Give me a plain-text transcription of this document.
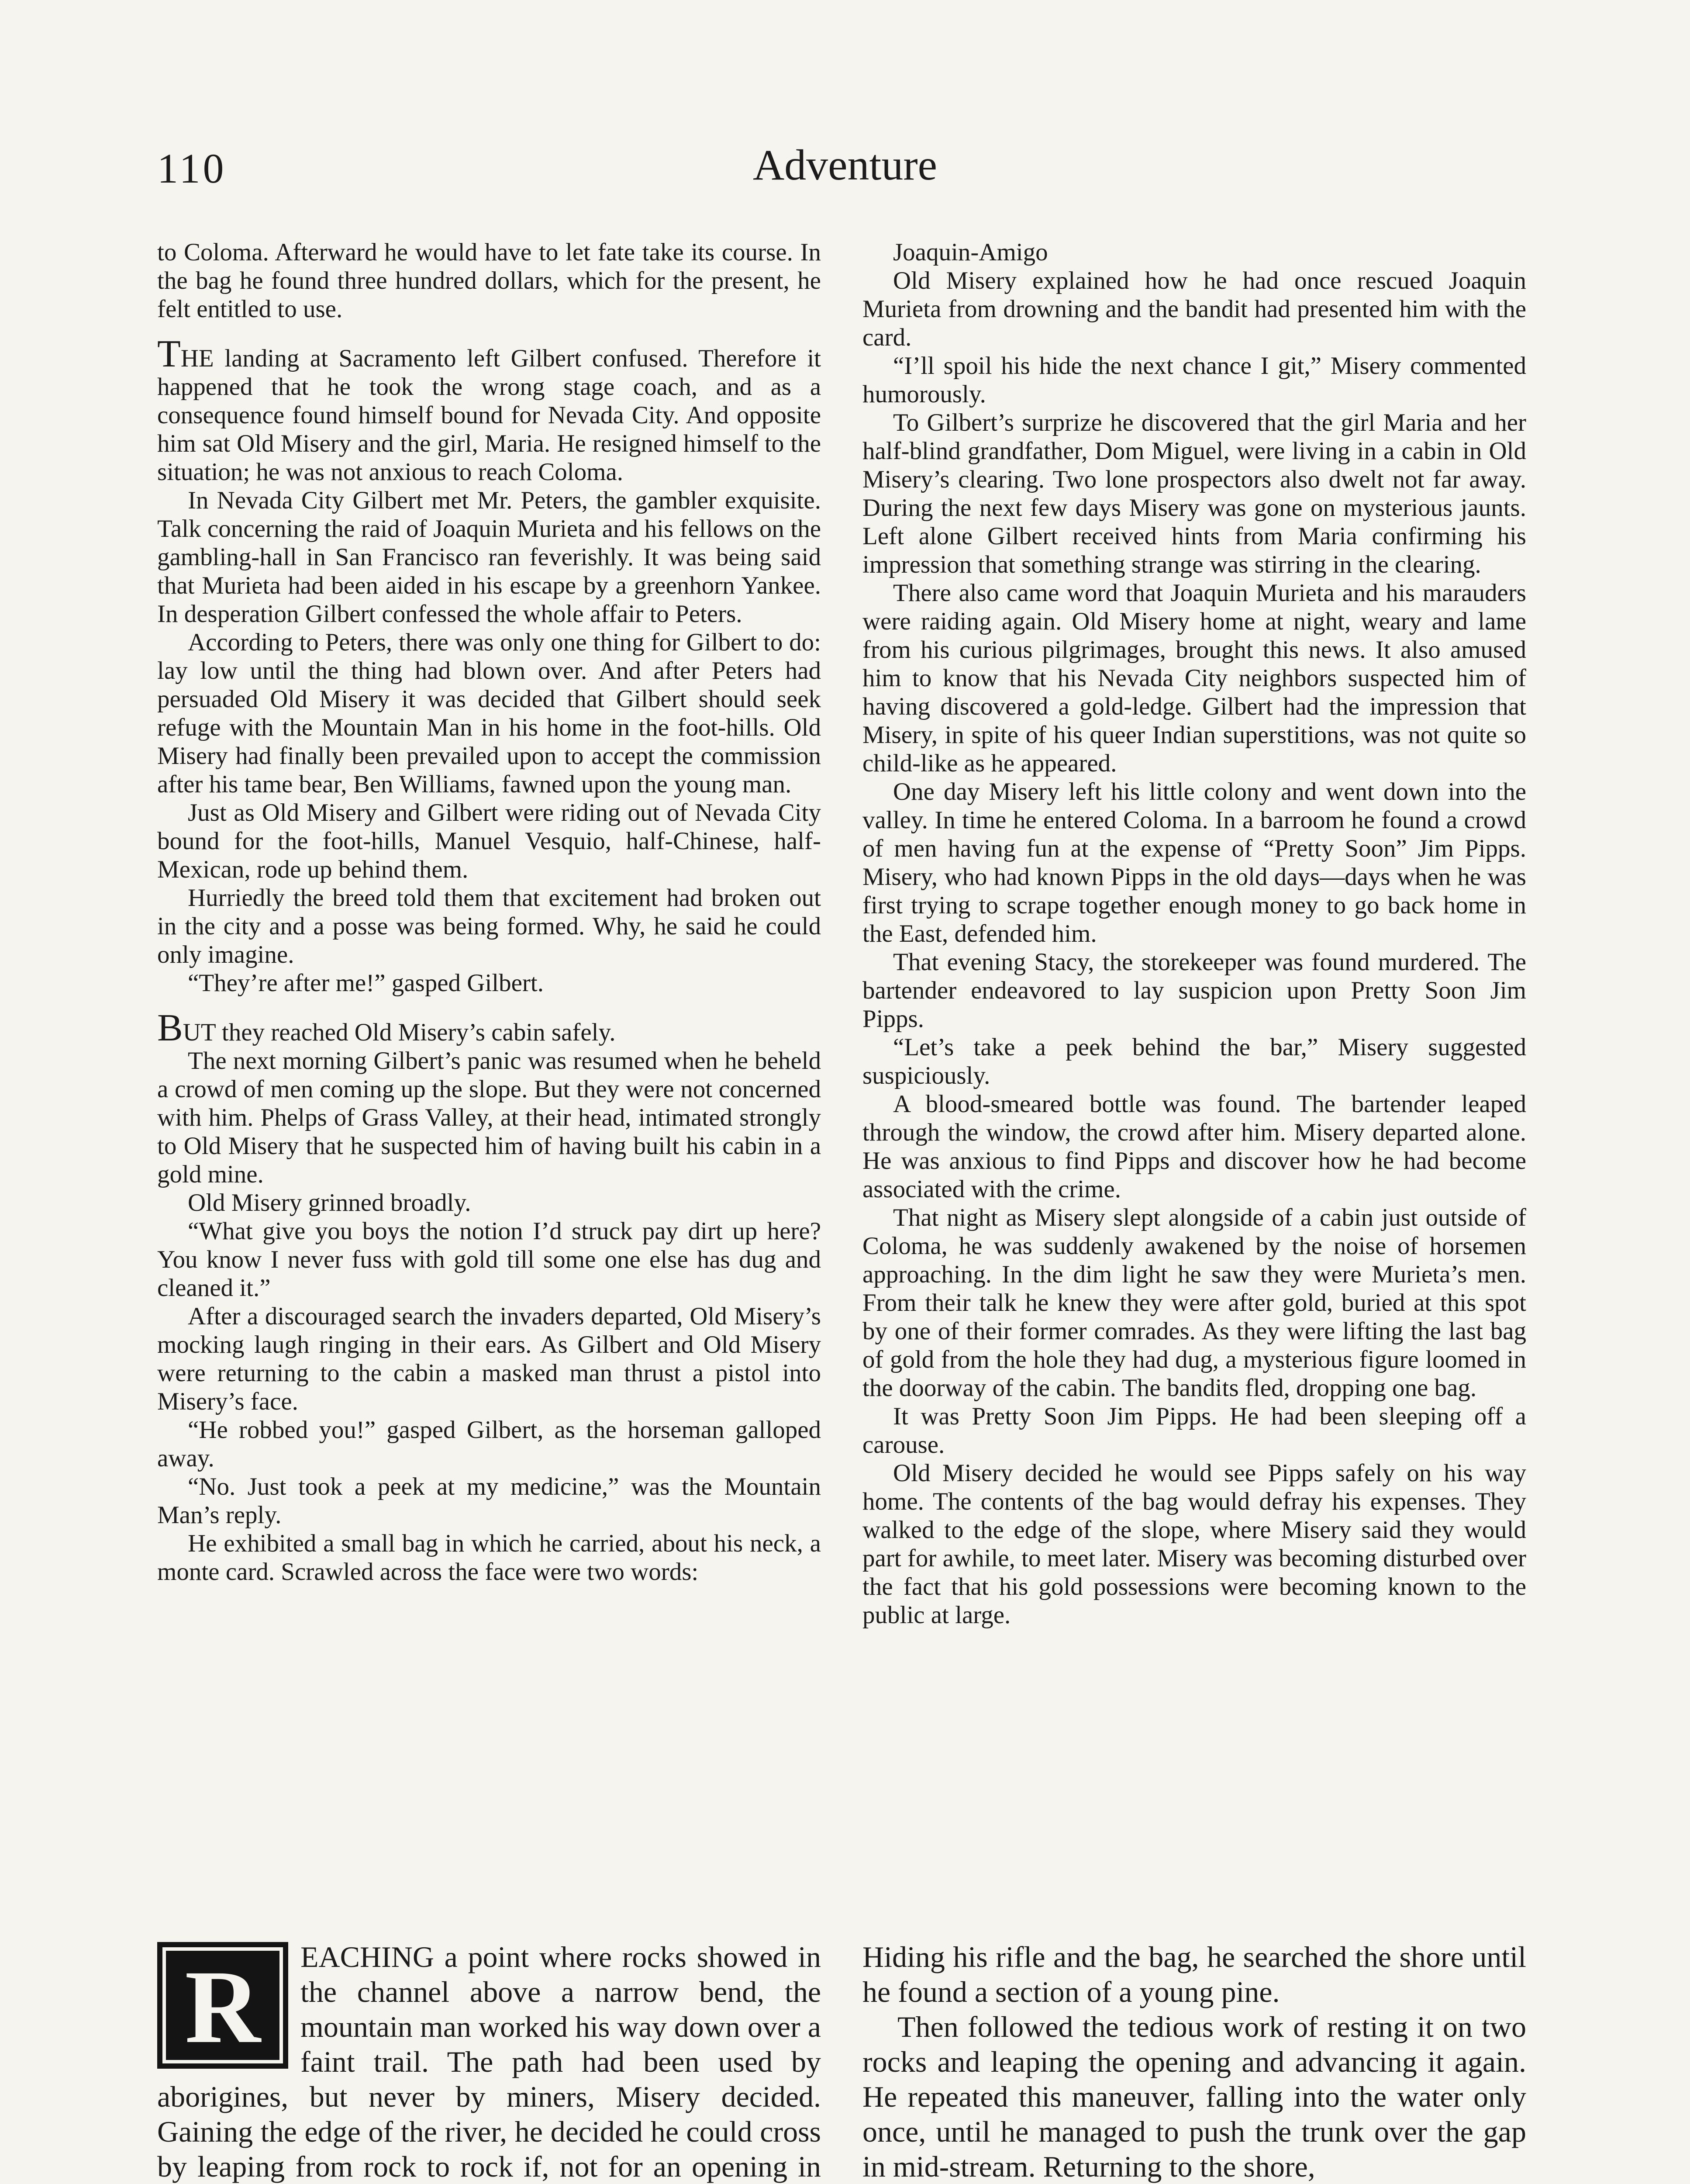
110	Adventure

to Coloma. Afterward he would have to let fate take its course. In the bag he found three hundred dollars, which for the present, he felt entitled to use.

THE landing at Sacramento left Gilbert confused. Therefore it happened that he took the wrong stage coach, and as a consequence found himself bound for Nevada City. And opposite him sat Old Misery and the girl, Maria. He resigned himself to the situation; he was not anxious to reach Coloma.

In Nevada City Gilbert met Mr. Peters, the gambler exquisite. Talk concerning the raid of Joaquin Murieta and his fellows on the gambling-hall in San Francisco ran feverishly. It was being said that Murieta had been aided in his escape by a greenhorn Yankee. In desperation Gilbert confessed the whole affair to Peters.

According to Peters, there was only one thing for Gilbert to do: lay low until the thing had blown over. And after Peters had persuaded Old Misery it was decided that Gilbert should seek refuge with the Mountain Man in his home in the foot-hills. Old Misery had finally been prevailed upon to accept the commission after his tame bear, Ben Williams, fawned upon the young man.

Just as Old Misery and Gilbert were riding out of Nevada City bound for the foot-hills, Manuel Vesquio, half-Chinese, half-Mexican, rode up behind them.

Hurriedly the breed told them that excitement had broken out in the city and a posse was being formed. Why, he said he could only imagine.

“They’re after me!” gasped Gilbert.

BUT they reached Old Misery’s cabin safely.

The next morning Gilbert’s panic was resumed when he beheld a crowd of men coming up the slope. But they were not concerned with him. Phelps of Grass Valley, at their head, intimated strongly to Old Misery that he suspected him of having built his cabin in a gold mine.

Old Misery grinned broadly.

“What give you boys the notion I’d struck pay dirt up here? You know I never fuss with gold till some one else has dug and cleaned it.”

After a discouraged search the invaders departed, Old Misery’s mocking laugh ringing in their ears. As Gilbert and Old Misery were returning to the cabin a masked man thrust a pistol into Misery’s face.

“He robbed you!” gasped Gilbert, as the horseman galloped away.

“No. Just took a peek at my medicine,” was the Mountain Man’s reply.

He exhibited a small bag in which he carried, about his neck, a monte card. Scrawled across the face were two words:

Joaquin-Amigo

Old Misery explained how he had once rescued Joaquin Murieta from drowning and the bandit had presented him with the card.

“I’ll spoil his hide the next chance I git,” Misery commented humorously.

To Gilbert’s surprize he discovered that the girl Maria and her half-blind grandfather, Dom Miguel, were living in a cabin in Old Misery’s clearing. Two lone prospectors also dwelt not far away. During the next few days Misery was gone on mysterious jaunts. Left alone Gilbert received hints from Maria confirming his impression that something strange was stirring in the clearing.

There also came word that Joaquin Murieta and his marauders were raiding again. Old Misery home at night, weary and lame from his curious pilgrimages, brought this news. It also amused him to know that his Nevada City neighbors suspected him of having discovered a gold-ledge. Gilbert had the impression that Misery, in spite of his queer Indian superstitions, was not quite so child-like as he appeared.

One day Misery left his little colony and went down into the valley. In time he entered Coloma. In a barroom he found a crowd of men having fun at the expense of “Pretty Soon” Jim Pipps. Misery, who had known Pipps in the old days—days when he was first trying to scrape together enough money to go back home in the East, defended him.

That evening Stacy, the storekeeper was found murdered. The bartender endeavored to lay suspicion upon Pretty Soon Jim Pipps.

“Let’s take a peek behind the bar,” Misery suggested suspiciously.

A blood-smeared bottle was found. The bartender leaped through the window, the crowd after him. Misery departed alone. He was anxious to find Pipps and discover how he had become associated with the crime.

That night as Misery slept alongside of a cabin just outside of Coloma, he was suddenly awakened by the noise of horsemen approaching. In the dim light he saw they were Murieta’s men. From their talk he knew they were after gold, buried at this spot by one of their former comrades. As they were lifting the last bag of gold from the hole they had dug, a mysterious figure loomed in the doorway of the cabin. The bandits fled, dropping one bag.

It was Pretty Soon Jim Pipps. He had been sleeping off a carouse.

Old Misery decided he would see Pipps safely on his way home. The contents of the bag would defray his expenses. They walked to the edge of the slope, where Misery said they would part for awhile, to meet later. Misery was becoming disturbed over the fact that his gold possessions were becoming known to the public at large.

R	EACHING a point where rocks showed in the channel above a narrow bend, the mountain man worked his way down over a faint trail. The path had been used by aborigines, but never by miners, Misery decided. Gaining the edge of the river, he decided he could cross by leaping from rock to rock if, not for an opening in

Hiding his rifle and the bag, he searched the shore until he found a section of a young pine.

Then followed the tedious work of resting it on two rocks and leaping the opening and advancing it again. He repeated this maneuver, falling into the water only once, until he managed to push the trunk over the gap in mid-stream. Returning to the shore,
